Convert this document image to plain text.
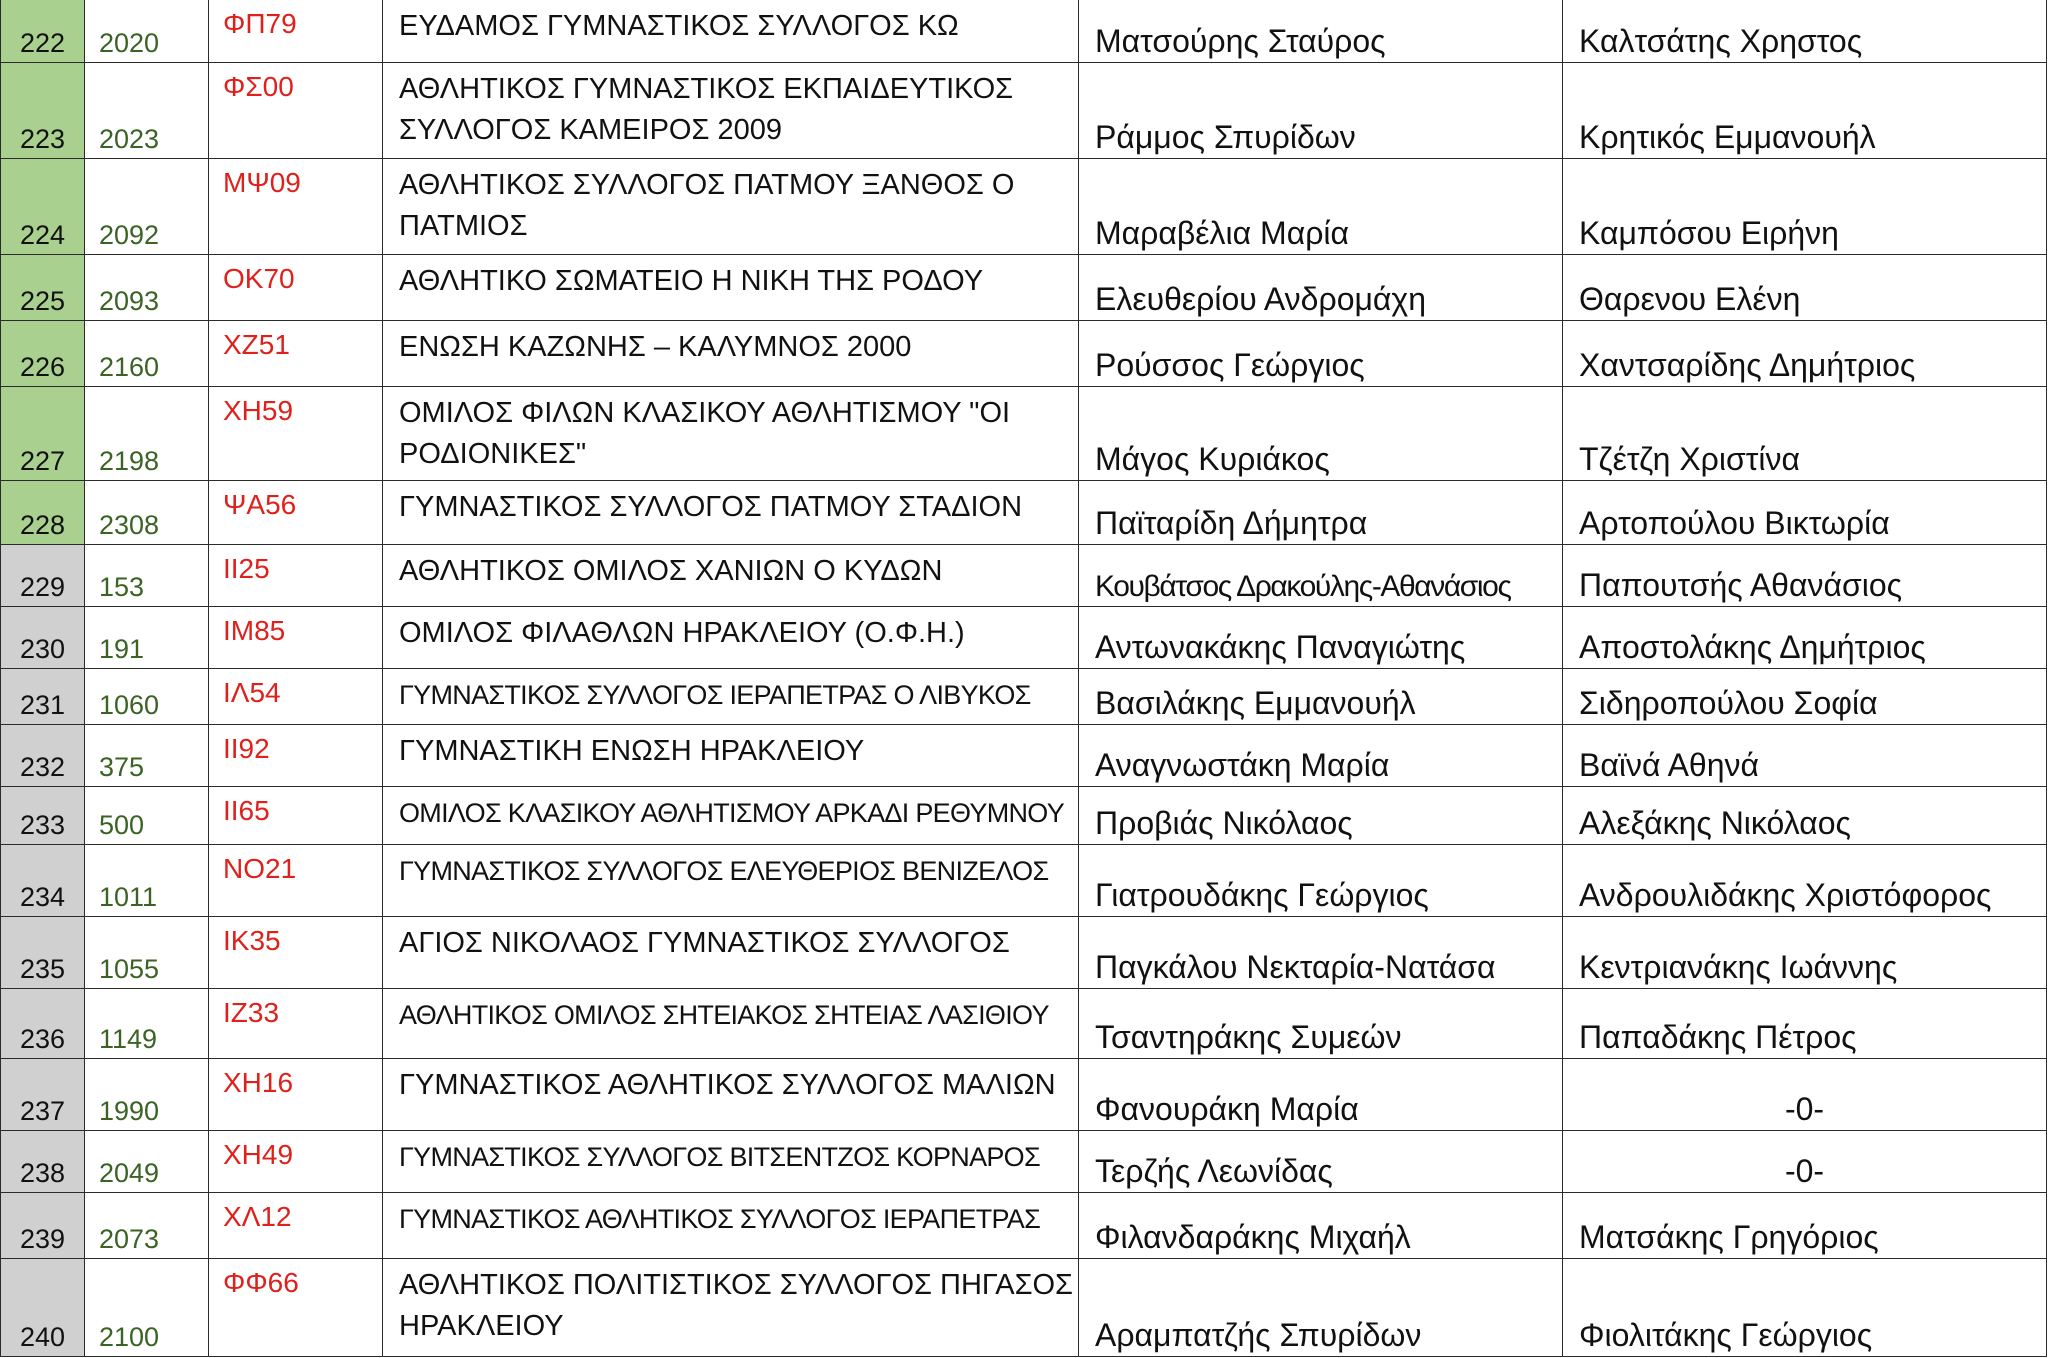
222	2020	ΦΠ79	ΕΥΔΑΜΟΣ ΓΥΜΝΑΣΤΙΚΟΣ ΣΥΛΛΟΓΟΣ ΚΩ	Ματσούρης Σταύρος	Καλτσάτης Χρηστος
223	2023	ΦΣ00	ΑΘΛΗΤΙΚΟΣ ΓΥΜΝΑΣΤΙΚΟΣ ΕΚΠΑΙΔΕΥΤΙΚΟΣ ΣΥΛΛΟΓΟΣ ΚΑΜΕΙΡΟΣ 2009	Ράμμος Σπυρίδων	Κρητικός Εμμανουήλ
224	2092	ΜΨ09	ΑΘΛΗΤΙΚΟΣ ΣΥΛΛΟΓΟΣ ΠΑΤΜΟΥ ΞΑΝΘΟΣ Ο ΠΑΤΜΙΟΣ	Μαραβέλια Μαρία	Καμπόσου Ειρήνη
225	2093	ΟΚ70	ΑΘΛΗΤΙΚΟ ΣΩΜΑΤΕΙΟ Η ΝΙΚΗ ΤΗΣ ΡΟΔΟΥ	Ελευθερίου Ανδρομάχη	Θαρενου Ελένη
226	2160	ΧΖ51	ΕΝΩΣΗ ΚΑΖΩΝΗΣ – ΚΑΛΥΜΝΟΣ 2000	Ρούσσος Γεώργιος	Χαντσαρίδης Δημήτριος
227	2198	ΧΗ59	ΟΜΙΛΟΣ ΦΙΛΩΝ ΚΛΑΣΙΚΟΥ ΑΘΛΗΤΙΣΜΟΥ "ΟΙ ΡΟΔΙΟΝΙΚΕΣ"	Μάγος Κυριάκος	Τζέτζη Χριστίνα
228	2308	ΨΑ56	ΓΥΜΝΑΣΤΙΚΟΣ ΣΥΛΛΟΓΟΣ ΠΑΤΜΟΥ ΣΤΑΔΙΟΝ	Παϊταρίδη Δήμητρα	Αρτοπούλου Βικτωρία
229	153	ΙΙ25	ΑΘΛΗΤΙΚΟΣ ΟΜΙΛΟΣ ΧΑΝΙΩΝ Ο ΚΥΔΩΝ	Κουβάτσος Δρακούλης-Αθανάσιος	Παπουτσής Αθανάσιος
230	191	ΙΜ85	ΟΜΙΛΟΣ ΦΙΛΑΘΛΩΝ ΗΡΑΚΛΕΙΟΥ (Ο.Φ.Η.)	Αντωνακάκης Παναγιώτης	Αποστολάκης Δημήτριος
231	1060	ΙΛ54	ΓΥΜΝΑΣΤΙΚΟΣ ΣΥΛΛΟΓΟΣ ΙΕΡΑΠΕΤΡΑΣ Ο ΛΙΒΥΚΟΣ	Βασιλάκης Εμμανουήλ	Σιδηροπούλου Σοφία
232	375	ΙΙ92	ΓΥΜΝΑΣΤΙΚΗ ΕΝΩΣΗ ΗΡΑΚΛΕΙΟΥ	Αναγνωστάκη Μαρία	Βαϊνά Αθηνά
233	500	ΙΙ65	ΟΜΙΛΟΣ ΚΛΑΣΙΚΟΥ ΑΘΛΗΤΙΣΜΟΥ ΑΡΚΑΔΙ ΡΕΘΥΜΝΟΥ	Προβιάς Νικόλαος	Αλεξάκης Νικόλαος
234	1011	ΝΟ21	ΓΥΜΝΑΣΤΙΚΟΣ ΣΥΛΛΟΓΟΣ ΕΛΕΥΘΕΡΙΟΣ ΒΕΝΙΖΕΛΟΣ	Γιατρουδάκης Γεώργιος	Ανδρουλιδάκης Χριστόφορος
235	1055	ΙΚ35	ΑΓΙΟΣ ΝΙΚΟΛΑΟΣ ΓΥΜΝΑΣΤΙΚΟΣ ΣΥΛΛΟΓΟΣ	Παγκάλου Νεκταρία-Νατάσα	Κεντριανάκης Ιωάννης
236	1149	ΙΖ33	ΑΘΛΗΤΙΚΟΣ ΟΜΙΛΟΣ ΣΗΤΕΙΑΚΟΣ ΣΗΤΕΙΑΣ ΛΑΣΙΘΙΟΥ	Τσαντηράκης Συμεών	Παπαδάκης Πέτρος
237	1990	ΧΗ16	ΓΥΜΝΑΣΤΙΚΟΣ ΑΘΛΗΤΙΚΟΣ ΣΥΛΛΟΓΟΣ ΜΑΛΙΩΝ	Φανουράκη Μαρία	-0-
238	2049	ΧΗ49	ΓΥΜΝΑΣΤΙΚΟΣ ΣΥΛΛΟΓΟΣ ΒΙΤΣΕΝΤΖΟΣ ΚΟΡΝΑΡΟΣ	Τερζής Λεωνίδας	-0-
239	2073	ΧΛ12	ΓΥΜΝΑΣΤΙΚΟΣ ΑΘΛΗΤΙΚΟΣ ΣΥΛΛΟΓΟΣ ΙΕΡΑΠΕΤΡΑΣ	Φιλανδαράκης Μιχαήλ	Ματσάκης Γρηγόριος
240	2100	ΦΦ66	ΑΘΛΗΤΙΚΟΣ ΠΟΛΙΤΙΣΤΙΚΟΣ ΣΥΛΛΟΓΟΣ ΠΗΓΑΣΟΣ ΗΡΑΚΛΕΙΟΥ	Αραμπατζής Σπυρίδων	Φιολιτάκης Γεώργιος
